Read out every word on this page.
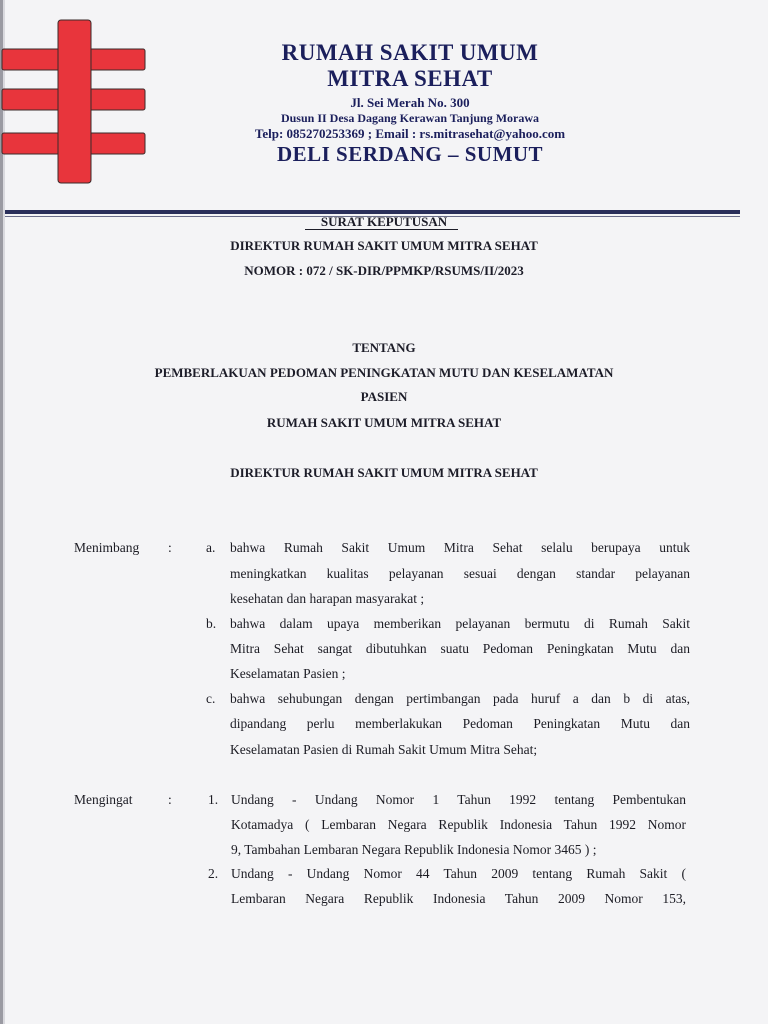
RUMAH SAKIT UMUM
MITRA SEHAT
Jl. Sei Merah No. 300
Dusun II Desa Dagang Kerawan Tanjung Morawa
Telp: 085270253369 ; Email : rs.mitrasehat@yahoo.com
DELI SERDANG – SUMUT
SURAT KEPUTUSAN
DIREKTUR RUMAH SAKIT UMUM MITRA SEHAT
NOMOR : 072 / SK-DIR/PPMKP/RSUMS/II/2023
TENTANG
PEMBERLAKUAN PEDOMAN PENINGKATAN MUTU DAN KESELAMATAN
PASIEN
RUMAH SAKIT UMUM MITRA SEHAT
DIREKTUR RUMAH SAKIT UMUM MITRA SEHAT
Menimbang :	a. bahwa Rumah Sakit Umum Mitra Sehat selalu berupaya untuk
meningkatkan kualitas pelayanan sesuai dengan standar pelayanan
kesehatan dan harapan masyarakat ;
b. bahwa dalam upaya memberikan pelayanan bermutu di Rumah Sakit
Mitra Sehat sangat dibutuhkan suatu Pedoman Peningkatan Mutu dan
Keselamatan Pasien ;
c. bahwa sehubungan dengan pertimbangan pada huruf a dan b di atas,
dipandang perlu memberlakukan Pedoman Peningkatan Mutu dan
Keselamatan Pasien di Rumah Sakit Umum Mitra Sehat;
Mengingat	:	1. Undang - Undang Nomor 1 Tahun 1992 tentang Pembentukan
Kotamadya ( Lembaran Negara Republik Indonesia Tahun 1992 Nomor
9, Tambahan Lembaran Negara Republik Indonesia Nomor 3465 ) ;
2. Undang - Undang Nomor 44 Tahun 2009 tentang Rumah Sakit (
Lembaran Negara Republik Indonesia Tahun 2009 Nomor 153,
